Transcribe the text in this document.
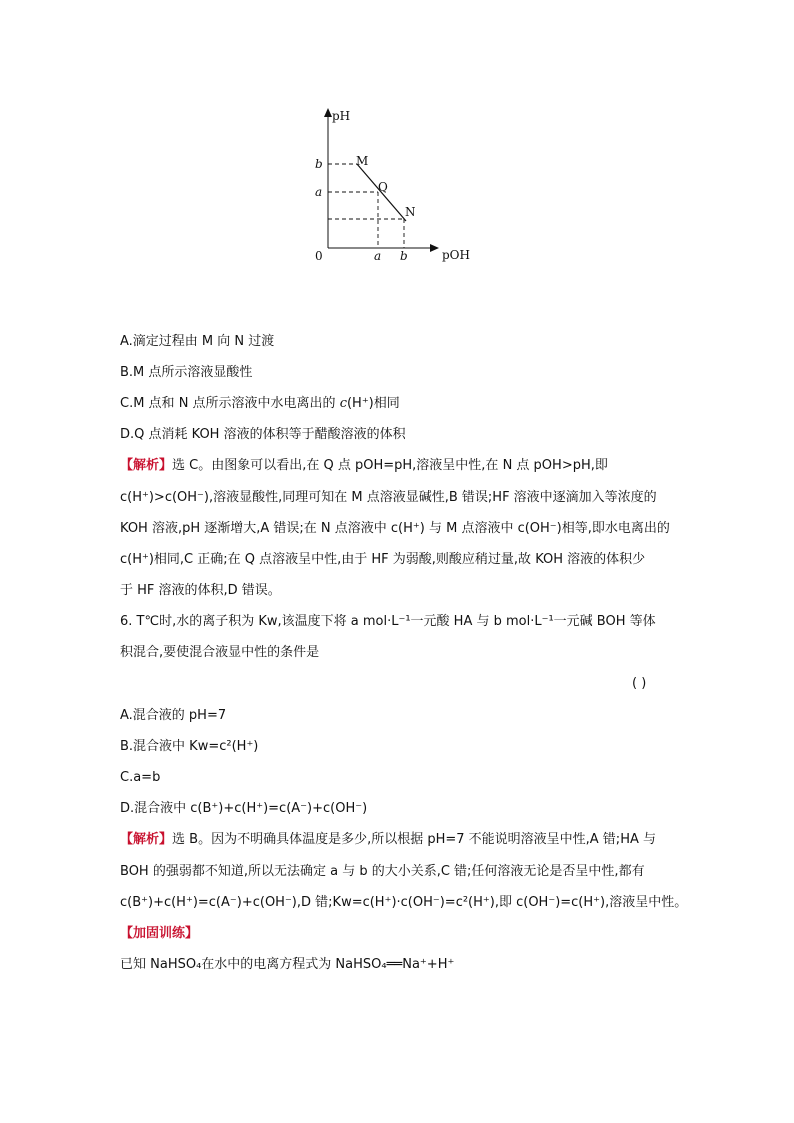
pH
pOH
0
b
a
a b
M
Q
N
A.滴定过程由 M 向 N 过渡
B.M 点所示溶液显酸性
C.M 点和 N 点所示溶液中水电离出的 c(H⁺)相同
D.Q 点消耗 KOH 溶液的体积等于醋酸溶液的体积
【解析】选 C。由图象可以看出,在 Q 点 pOH=pH,溶液呈中性,在 N 点 pOH>pH,即
c(H⁺)>c(OH⁻),溶液显酸性,同理可知在 M 点溶液显碱性,B 错误;HF 溶液中逐滴加入等浓度的
KOH 溶液,pH 逐渐增大,A 错误;在 N 点溶液中 c(H⁺) 与 M 点溶液中 c(OH⁻)相等,即水电离出的
c(H⁺)相同,C 正确;在 Q 点溶液呈中性,由于 HF 为弱酸,则酸应稍过量,故 KOH 溶液的体积少
于 HF 溶液的体积,D 错误。
6. T℃时,水的离子积为 Kw,该温度下将 a mol·L⁻¹一元酸 HA 与 b mol·L⁻¹一元碱 BOH 等体
积混合,要使混合液显中性的条件是
( )
A.混合液的 pH=7
B.混合液中 Kw=c²(H⁺)
C.a=b
D.混合液中 c(B⁺)+c(H⁺)=c(A⁻)+c(OH⁻)
【解析】选 B。因为不明确具体温度是多少,所以根据 pH=7 不能说明溶液呈中性,A 错;HA 与
BOH 的强弱都不知道,所以无法确定 a 与 b 的大小关系,C 错;任何溶液无论是否呈中性,都有
c(B⁺)+c(H⁺)=c(A⁻)+c(OH⁻),D 错;Kw=c(H⁺)·c(OH⁻)=c²(H⁺),即 c(OH⁻)=c(H⁺),溶液呈中性。
【加固训练】
已知 NaHSO₄在水中的电离方程式为 NaHSO₄══Na⁺+H⁺
